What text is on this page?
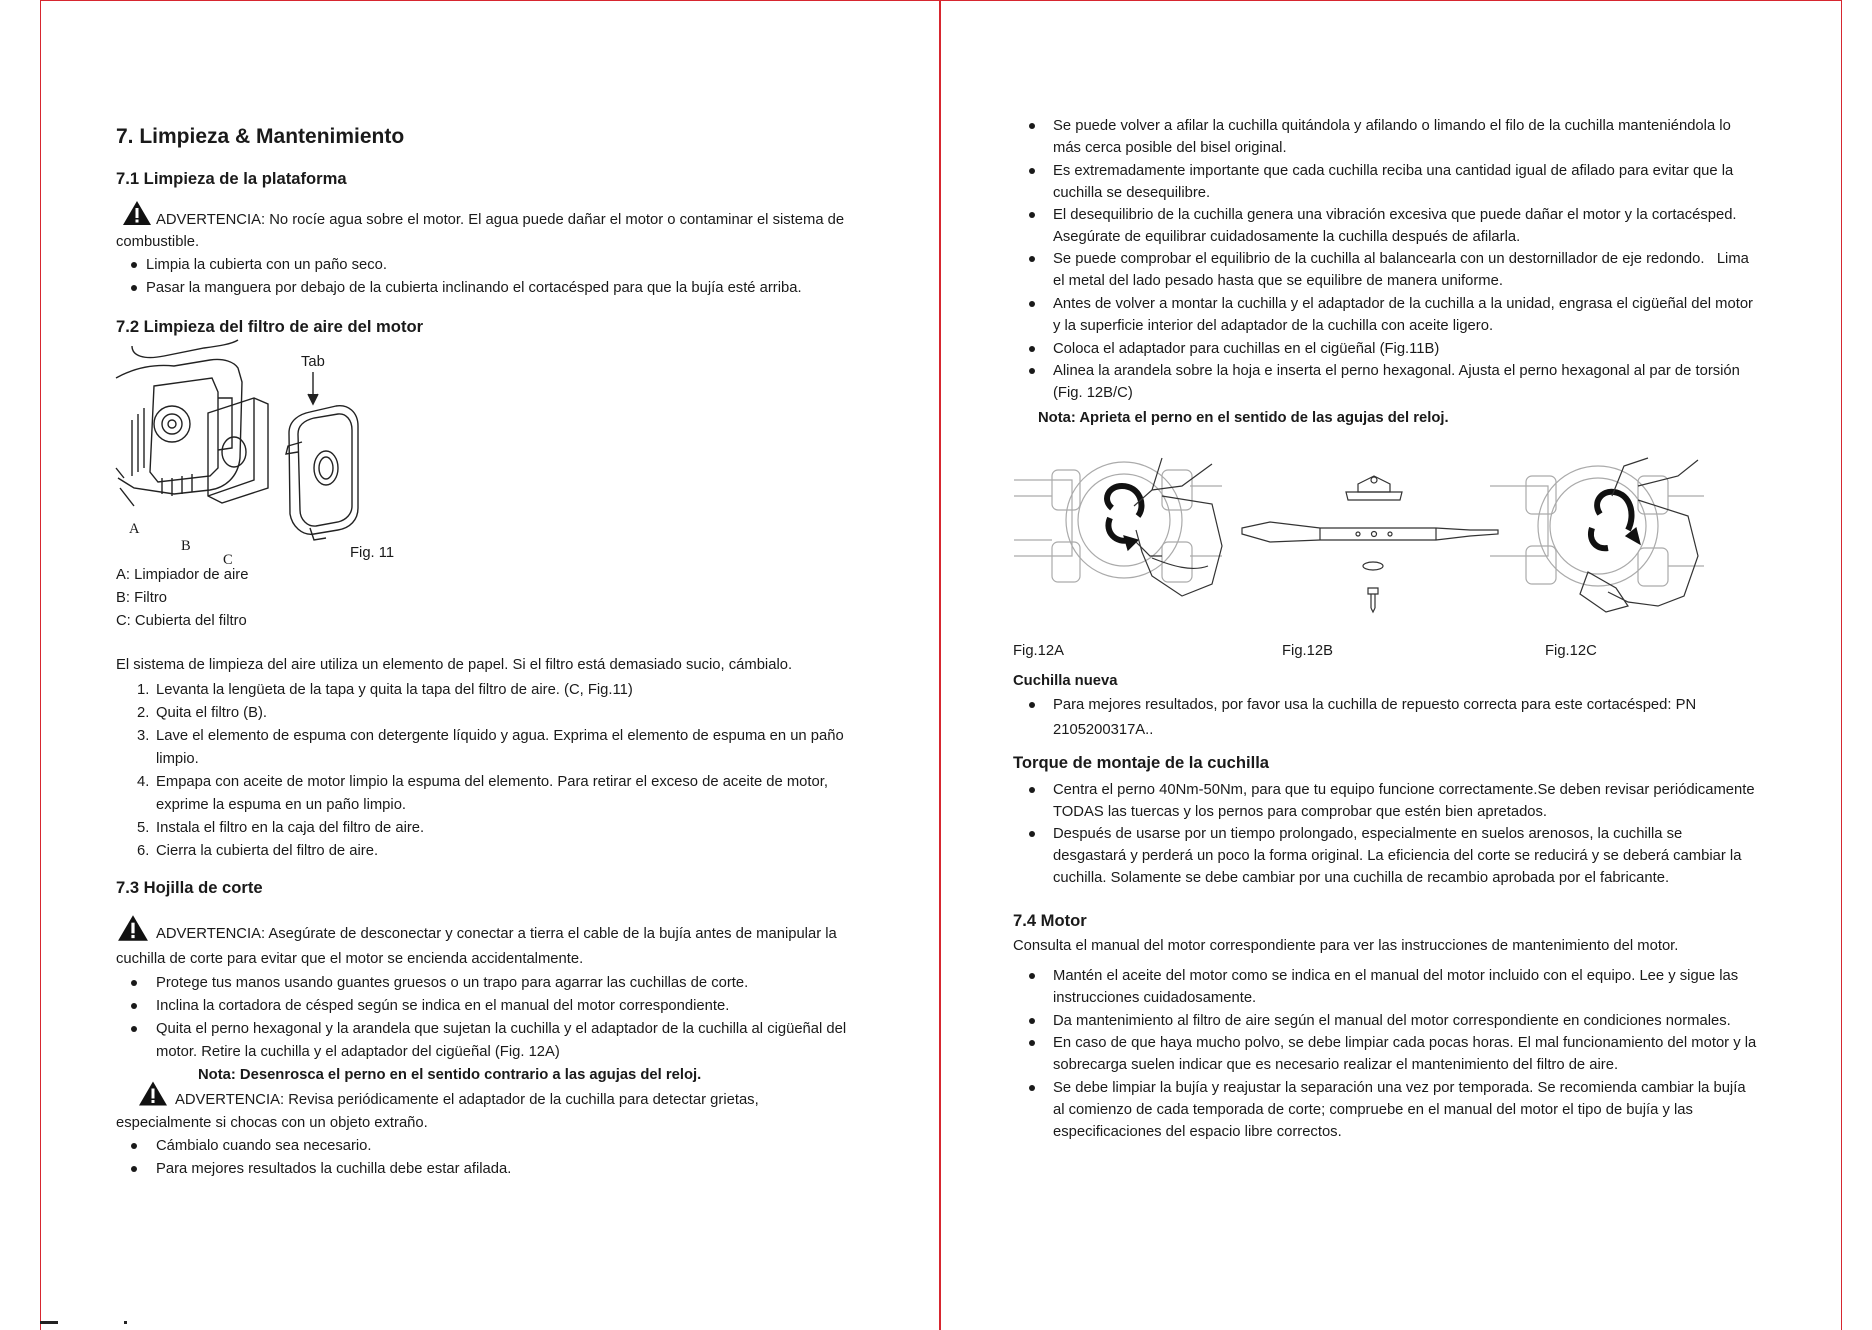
7. Limpieza & Mantenimiento
7.1 Limpieza de la plataforma
ADVERTENCIA: No rocíe agua sobre el motor. El agua puede dañar el motor o contaminar el sistema de
combustible.
Limpia la cubierta con un paño seco.
Pasar la manguera por debajo de la cubierta inclinando el cortacésped para que la bujía esté arriba.
7.2 Limpieza del filtro de aire del motor
Tab
A
B
C	Fig. 11
A: Limpiador de aire
B: Filtro
C: Cubierta del filtro
El sistema de limpieza del aire utiliza un elemento de papel. Si el filtro está demasiado sucio, cámbialo.
1. Levanta la lengüeta de la tapa y quita la tapa del filtro de aire. (C, Fig.11)
2. Quita el filtro (B).
3. Lave el elemento de espuma con detergente líquido y agua. Exprima el elemento de espuma en un paño
limpio.
4. Empapa con aceite de motor limpio la espuma del elemento. Para retirar el exceso de aceite de motor,
exprime la espuma en un paño limpio.
5. Instala el filtro en la caja del filtro de aire.
6. Cierra la cubierta del filtro de aire.
7.3 Hojilla de corte
ADVERTENCIA: Asegúrate de desconectar y conectar a tierra el cable de la bujía antes de manipular la
cuchilla de corte para evitar que el motor se encienda accidentalmente.
Protege tus manos usando guantes gruesos o un trapo para agarrar las cuchillas de corte.
Inclina la cortadora de césped según se indica en el manual del motor correspondiente.
Quita el perno hexagonal y la arandela que sujetan la cuchilla y el adaptador de la cuchilla al cigüeñal del
motor. Retire la cuchilla y el adaptador del cigüeñal (Fig. 12A)
Nota: Desenrosca el perno en el sentido contrario a las agujas del reloj.
ADVERTENCIA: Revisa periódicamente el adaptador de la cuchilla para detectar grietas,
especialmente si chocas con un objeto extraño.
Cámbialo cuando sea necesario.
Para mejores resultados la cuchilla debe estar afilada.
Se puede volver a afilar la cuchilla quitándola y afilando o limando el filo de la cuchilla manteniéndola lo
más cerca posible del bisel original.
Es extremadamente importante que cada cuchilla reciba una cantidad igual de afilado para evitar que la
cuchilla se desequilibre.
El desequilibrio de la cuchilla genera una vibración excesiva que puede dañar el motor y la cortacésped.
Asegúrate de equilibrar cuidadosamente la cuchilla después de afilarla.
Se puede comprobar el equilibrio de la cuchilla al balancearla con un destornillador de eje redondo.   Lima
el metal del lado pesado hasta que se equilibre de manera uniforme.
Antes de volver a montar la cuchilla y el adaptador de la cuchilla a la unidad, engrasa el cigüeñal del motor
y la superficie interior del adaptador de la cuchilla con aceite ligero.
Coloca el adaptador para cuchillas en el cigüeñal (Fig.11B)
Alinea la arandela sobre la hoja e inserta el perno hexagonal. Ajusta el perno hexagonal al par de torsión
(Fig. 12B/C)
Nota: Aprieta el perno en el sentido de las agujas del reloj.
Fig.12A	Fig.12B	Fig.12C
Cuchilla nueva
Para mejores resultados, por favor usa la cuchilla de repuesto correcta para este cortacésped: PN
2105200317A..
Torque de montaje de la cuchilla
Centra el perno 40Nm-50Nm, para que tu equipo funcione correctamente.Se deben revisar periódicamente
TODAS las tuercas y los pernos para comprobar que estén bien apretados.
Después de usarse por un tiempo prolongado, especialmente en suelos arenosos, la cuchilla se
desgastará y perderá un poco la forma original. La eficiencia del corte se reducirá y se deberá cambiar la
cuchilla. Solamente se debe cambiar por una cuchilla de recambio aprobada por el fabricante.
7.4 Motor
Consulta el manual del motor correspondiente para ver las instrucciones de mantenimiento del motor.
Mantén el aceite del motor como se indica en el manual del motor incluido con el equipo. Lee y sigue las
instrucciones cuidadosamente.
Da mantenimiento al filtro de aire según el manual del motor correspondiente en condiciones normales.
En caso de que haya mucho polvo, se debe limpiar cada pocas horas. El mal funcionamiento del motor y la
sobrecarga suelen indicar que es necesario realizar el mantenimiento del filtro de aire.
Se debe limpiar la bujía y reajustar la separación una vez por temporada. Se recomienda cambiar la bujía
al comienzo de cada temporada de corte; compruebe en el manual del motor el tipo de bujía y las
especificaciones del espacio libre correctos.
